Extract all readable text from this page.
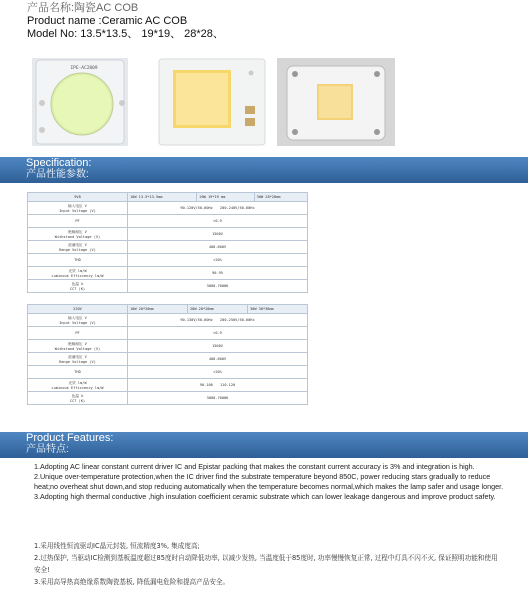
产品名称:陶瓷AC COB
Product name :Ceramic AC COB
Model No: 13.5*13.5、 19*19、 28*28、
IPE-AC2809
Specification:
产品性能参数:
9V8	10W 13.5*13.5mm	20W 19*19 mm	30W 28*28mm

输入电压 V
Input Voltage (V)	90-120V/50-60Hz　　200-240V/50-60Hz		

PF	>0.9		

绝缘耐压 V
Withstand Voltage (V)	1500V		

浪涌电压 V
Range Voltage (V)	400-600V		

THD	<20%		

光效 lm/W
Luminous Efficiency lm/W	90-95		

色温 k
CCT (K)	3000-7000K		
220V	10W 20*20mm	20W 28*28mm	30W 38*38mm

输入电压 V
Input Voltage (V)	90-130V/50-60Hz　　200-250V/50-60Hz		

PF	>0.9		

绝缘耐压 V
Withstand Voltage (V)	1500V		

浪涌电压 V
Range Voltage (V)	400-600V		

THD	<20%		

光效 lm/W
Luminous Efficiency lm/W	90-100　　110-120		

色温 k
CCT (K)	3000-7000K		
Product Features:
产品特点:

1.Adopting AC linear constant current driver IC and Epistar packing that makes the constant current accuracy is 3% and integration is high.

2.Unique over-temperature protection,when the IC driver find the substrate temperature beyond 850C, power reducing stars gradually to reduce heat;no overheat shut down,and stop reducing automatically when the temperature becomes normal,which makes the lamp safer and usage longer.

3.Adopting high thermal conductive ,high insulation coefficient ceramic substrate which can lower leakage dangerous and improve product safety.

1.采用线性恒流驱动IC晶元封装, 恒流精度3%, 集成度高;

2.过热保护, 当驱动IC检测到基板温度超过85度时自动降低功率, 以减少发热, 当温度低于85度时, 功率慢慢恢复正常, 过程中灯具不闪不灭, 保证照明功能和使用安全!

3.采用高导热高绝缘系数陶瓷基板, 降低漏电危险和提高产品安全。
